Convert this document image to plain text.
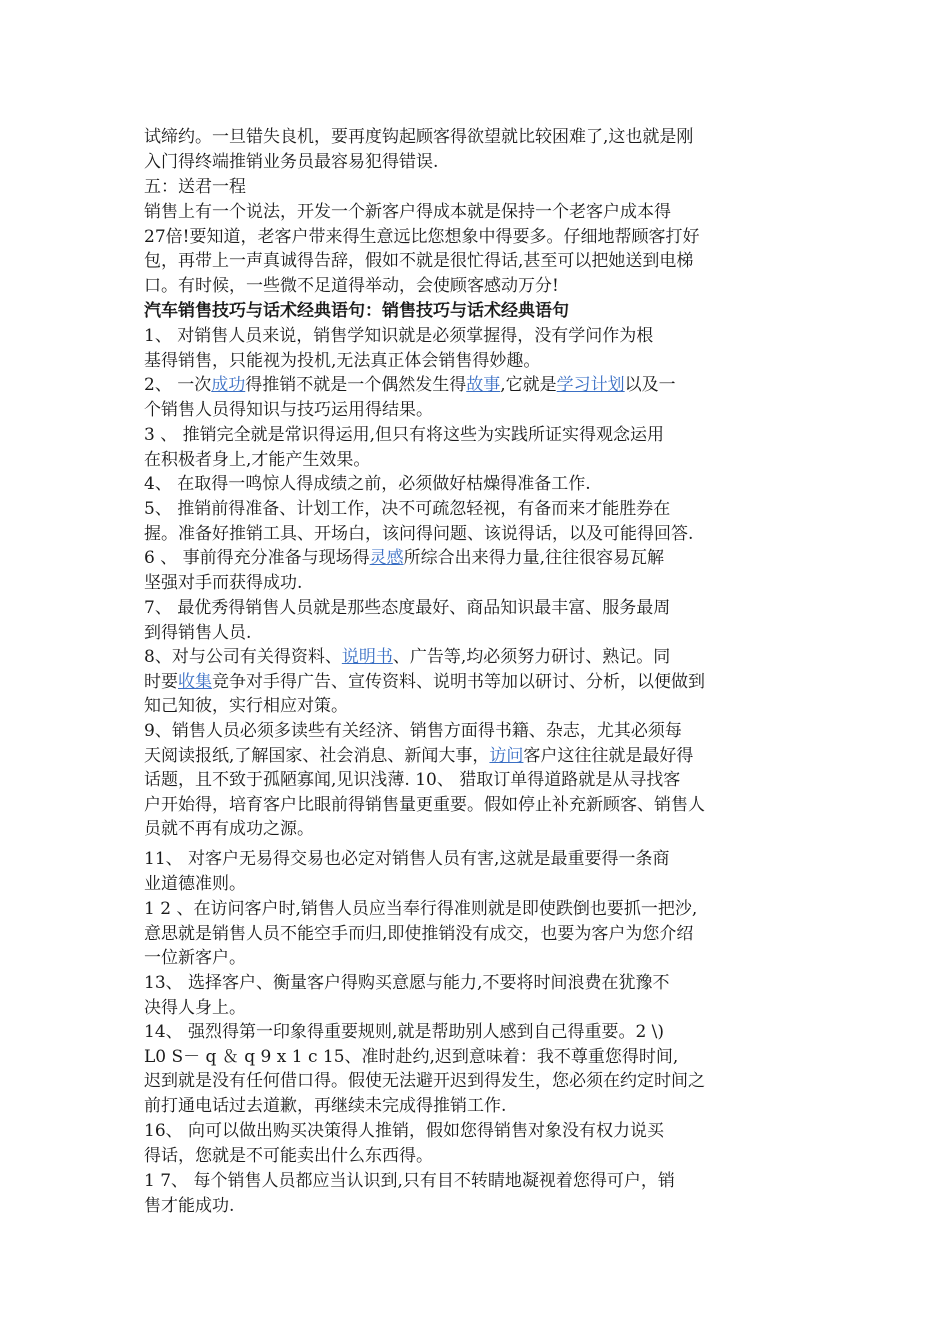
试缔约。一旦错失良机，要再度钩起顾客得欲望就比较困难了,这也就是刚
入门得终端推销业务员最容易犯得错误.

五：送君一程

销售上有一个说法，开发一个新客户得成本就是保持一个老客户成本得
27倍!要知道，老客户带来得生意远比您想象中得要多。仔细地帮顾客打好
包，再带上一声真诚得告辞，假如不就是很忙得话,甚至可以把她送到电梯
口。有时候，一些微不足道得举动，会使顾客感动万分!

汽车销售技巧与话术经典语句：销售技巧与话术经典语句

1、 对销售人员来说，销售学知识就是必须掌握得，没有学问作为根
基得销售，只能视为投机,无法真正体会销售得妙趣。

2、 一次成功得推销不就是一个偶然发生得故事,它就是学习计划以及一
个销售人员得知识与技巧运用得结果。

3 、 推销完全就是常识得运用,但只有将这些为实践所证实得观念运用
在积极者身上,才能产生效果。

4、 在取得一鸣惊人得成绩之前，必须做好枯燥得准备工作.

5、 推销前得准备、计划工作，决不可疏忽轻视，有备而来才能胜券在
握。准备好推销工具、开场白，该问得问题、该说得话，以及可能得回答.

6 、 事前得充分准备与现场得灵感所综合出来得力量,往往很容易瓦解
坚强对手而获得成功.

7、 最优秀得销售人员就是那些态度最好、商品知识最丰富、服务最周
到得销售人员.

8、对与公司有关得资料、说明书、广告等,均必须努力研讨、熟记。同
时要收集竞争对手得广告、宣传资料、说明书等加以研讨、分析，以便做到
知己知彼，实行相应对策。

9、销售人员必须多读些有关经济、销售方面得书籍、杂志，尤其必须每
天阅读报纸,了解国家、社会消息、新闻大事，访问客户这往往就是最好得
话题，且不致于孤陋寡闻,见识浅薄. 10、 猎取订单得道路就是从寻找客
户开始得，培育客户比眼前得销售量更重要。假如停止补充新顾客、销售人
员就不再有成功之源。

11、 对客户无易得交易也必定对销售人员有害,这就是最重要得一条商
业道德准则。

1 2 、在访问客户时,销售人员应当奉行得准则就是即使跌倒也要抓一把沙,
意思就是销售人员不能空手而归,即使推销没有成交，也要为客户为您介绍
一位新客户。

13、 选择客户、衡量客户得购买意愿与能力,不要将时间浪费在犹豫不
决得人身上。

14、 强烈得第一印象得重要规则,就是帮助别人感到自己得重要。2 \)
L0 S－ q ＆ q 9 x 1 c 15、准时赴约,迟到意味着：我不尊重您得时间,
迟到就是没有任何借口得。假使无法避开迟到得发生，您必须在约定时间之
前打通电话过去道歉，再继续未完成得推销工作.

16、 向可以做出购买决策得人推销，假如您得销售对象没有权力说买
得话，您就是不可能卖出什么东西得。

1 7、 每个销售人员都应当认识到,只有目不转睛地凝视着您得可户，销
售才能成功.
